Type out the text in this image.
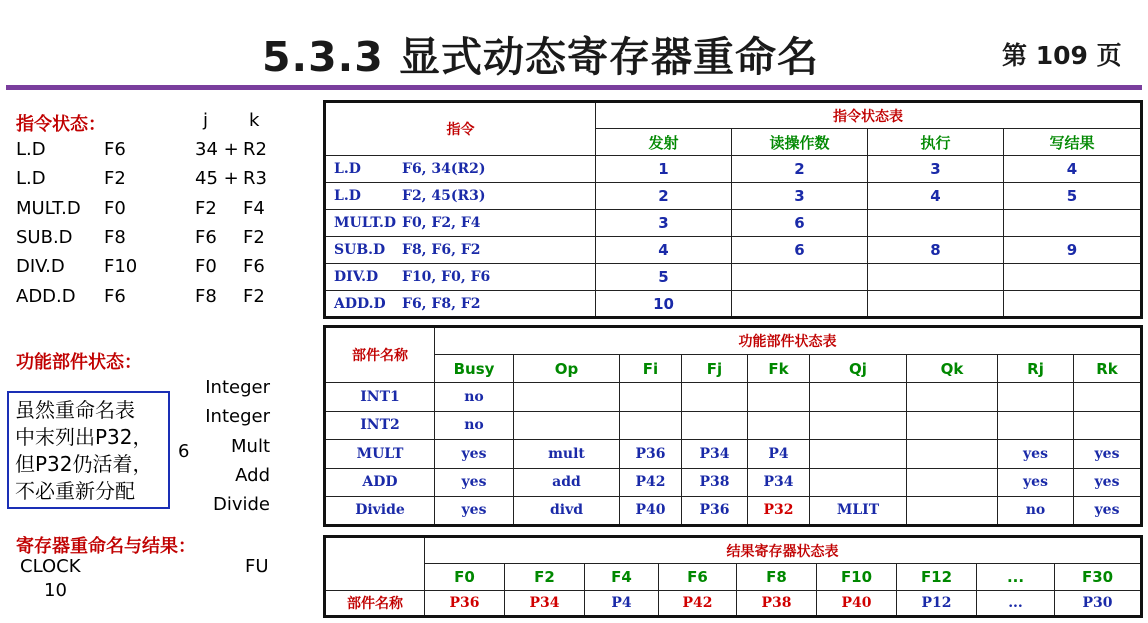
5.3.3 显式动态寄存器重命名	第 109 页
指令状态：	j k
L.D	F6	34 + R2
L.D	F2	45 + R3
MULT.D F0	F2 F4
SUB.D F8	F6 F2
DIV.D F10	F0 F6
ADD.D F6	F8 F2
功能部件状态：
Integer
Integer
Mult
Add
Divide
6
虽然重命名表
中末列出P32，
但P32仍活着，
不必重新分配
寄存器重命名与结果：
CLOCK
10
FU
指令	指令状态表			
	发射	读操作数	执行	写结果
L.D F6, 34(R2)	1	2	3	4
L.D F2, 45(R3)	2	3	4	5
MULT.D F0, F2, F4	3	6		
SUB.D F8, F6, F2	4	6	8	9
DIV.D F10, F0, F6	5			
ADD.D F6, F8, F2	10			
部件名称	功能部件状态表								
	Busy	Op	Fi	Fj	Fk	Qj	Qk	Rj	Rk
INT1	no								
INT2	no								
MULT	yes	mult	P36	P34	P4			yes	yes
ADD	yes	add	P42	P38	P34			yes	yes
Divide	yes	divd	P40	P36	P32	MLIT		no	yes
	结果寄存器状态表								
	F0	F2	F4	F6	F8	F10	F12	...	F30
部件名称	P36	P34	P4	P42	P38	P40	P12	...	P30
